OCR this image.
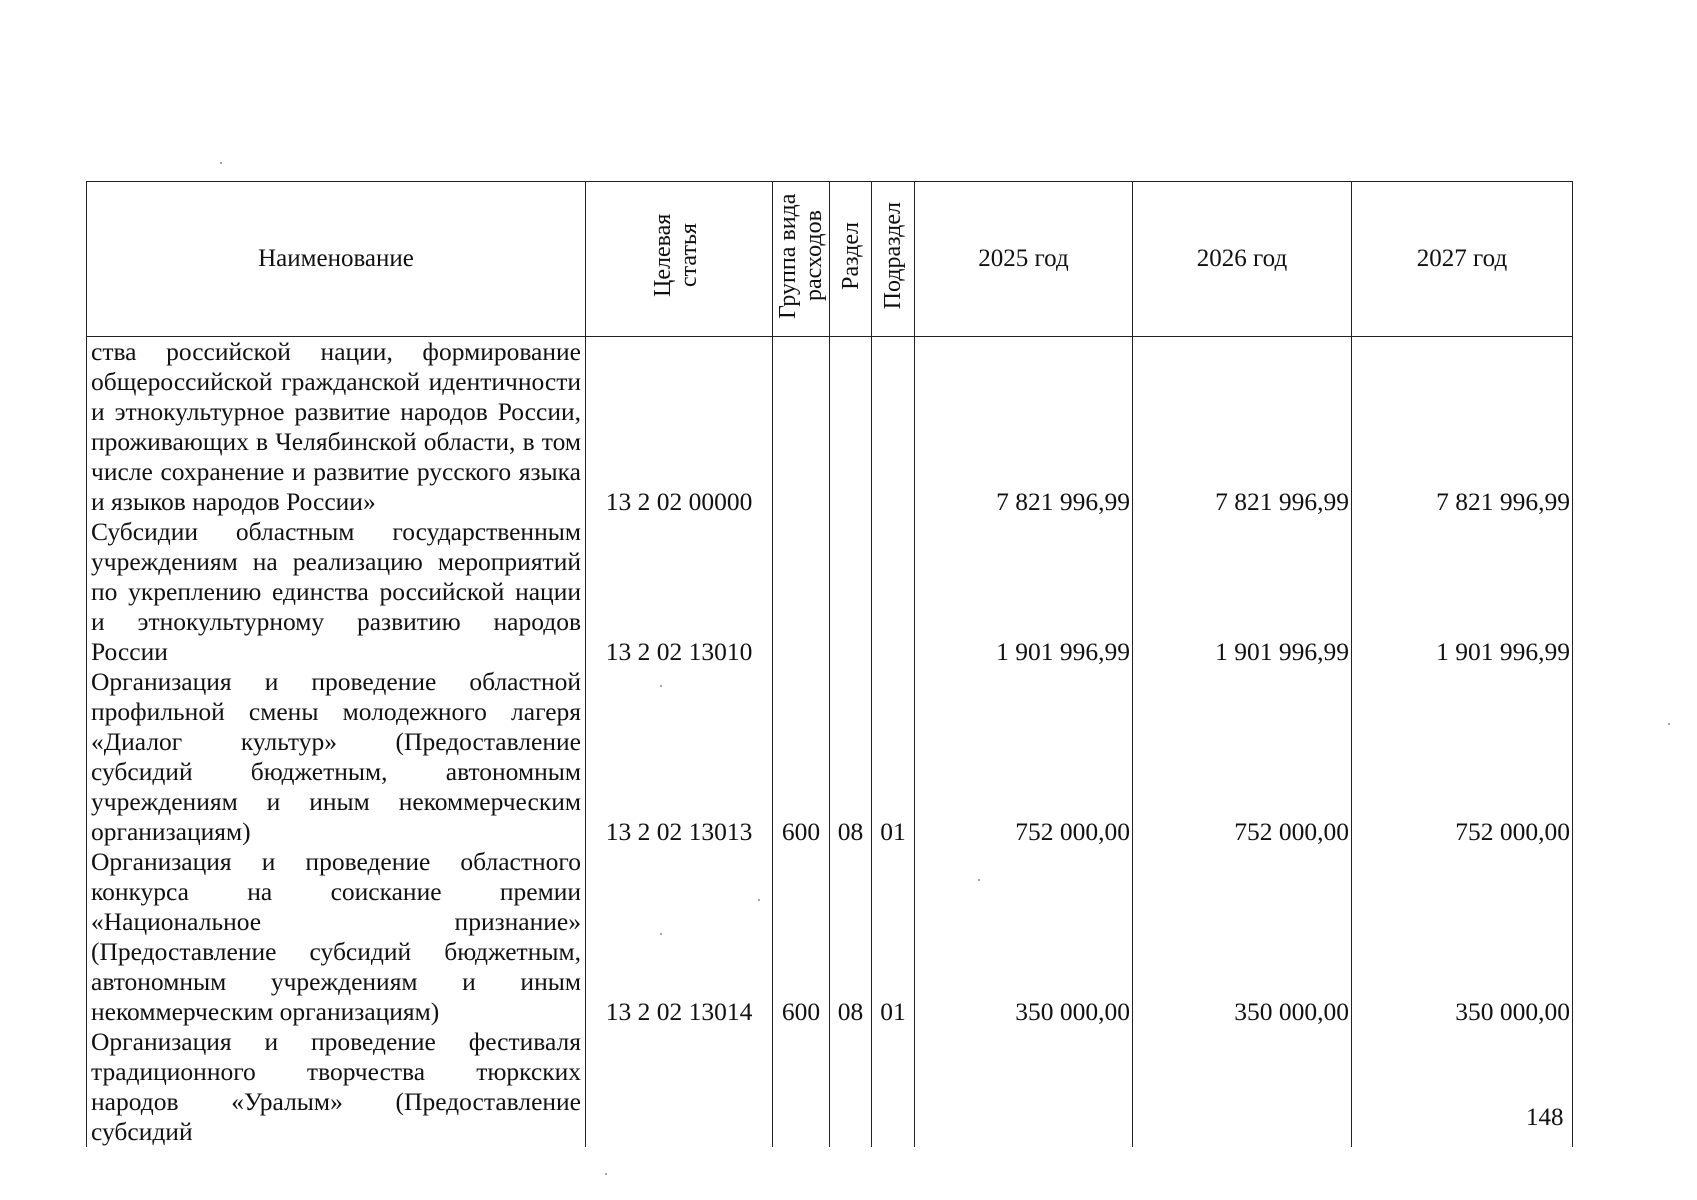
Наименование	Целевая статья	Группа вида расходов	Раздел	Подраздел	2025 год	2026 год	2027 год
ства российской нации, формирование общероссийской гражданской идентичности и этнокультурное развитие народов России, проживающих в Челябинской области, в том числе сохранение и развитие русского языка и языков народов России»	13 2 02 00000				7 821 996,99	7 821 996,99	7 821 996,99
Субсидии областным государственным учреждениям на реализацию мероприятий по укреплению единства российской нации и этнокультурному развитию народов России	13 2 02 13010				1 901 996,99	1 901 996,99	1 901 996,99
Организация и проведение областной профильной смены молодежного лагеря «Диалог культур» (Предоставление субсидий бюджетным, автономным учреждениям и иным некоммерческим организациям)	13 2 02 13013	600	08	01	752 000,00	752 000,00	752 000,00
Организация и проведение областного конкурса на соискание премии «Национальное признание» (Предоставление субсидий бюджетным, автономным учреждениям и иным некоммерческим организациям)	13 2 02 13014	600	08	01	350 000,00	350 000,00	350 000,00
Организация и проведение фестиваля традиционного творчества тюркских народов «Уралым» (Предоставление субсидий								148
